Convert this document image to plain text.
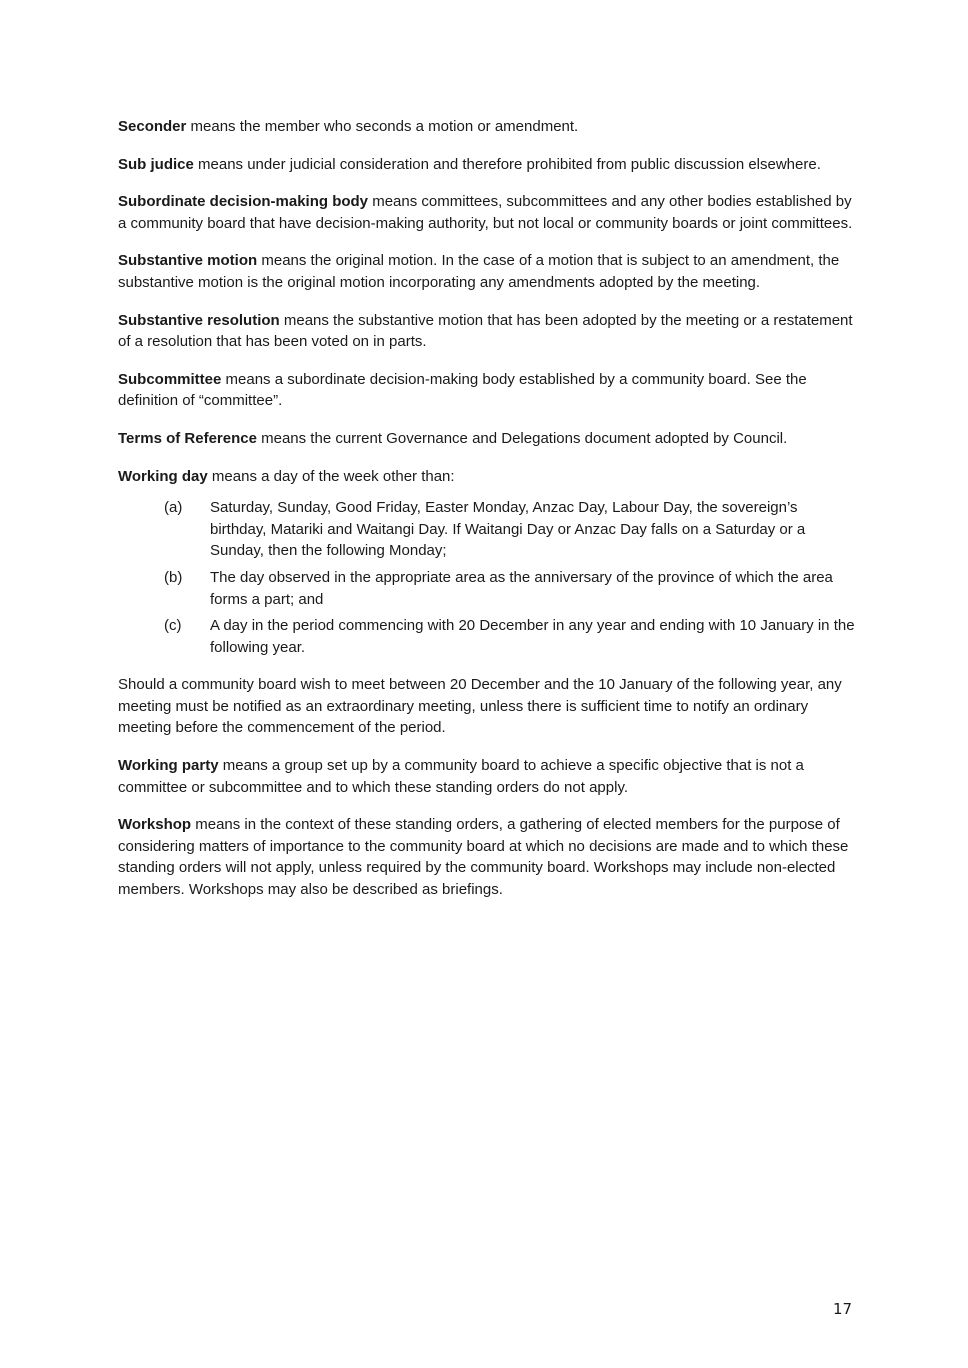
Seconder means the member who seconds a motion or amendment.

Sub judice means under judicial consideration and therefore prohibited from public discussion elsewhere.

Subordinate decision-making body means committees, subcommittees and any other bodies established by a community board that have decision-making authority, but not local or community boards or joint committees.

Substantive motion means the original motion. In the case of a motion that is subject to an amendment, the substantive motion is the original motion incorporating any amendments adopted by the meeting.

Substantive resolution means the substantive motion that has been adopted by the meeting or a restatement of a resolution that has been voted on in parts.

Subcommittee means a subordinate decision-making body established by a community board. See the definition of “committee”.

Terms of Reference means the current Governance and Delegations document adopted by Council.

Working day means a day of the week other than:

(a)	Saturday, Sunday, Good Friday, Easter Monday, Anzac Day, Labour Day, the sovereign’s birthday, Matariki and Waitangi Day. If Waitangi Day or Anzac Day falls on a Saturday or a Sunday, then the following Monday;
(b)	The day observed in the appropriate area as the anniversary of the province of which the area forms a part; and
(c)	A day in the period commencing with 20 December in any year and ending with 10 January in the following year.

Should a community board wish to meet between 20 December and the 10 January of the following year, any meeting must be notified as an extraordinary meeting, unless there is sufficient time to notify an ordinary meeting before the commencement of the period.

Working party means a group set up by a community board to achieve a specific objective that is not a committee or subcommittee and to which these standing orders do not apply.

Workshop means in the context of these standing orders, a gathering of elected members for the purpose of considering matters of importance to the community board at which no decisions are made and to which these standing orders will not apply, unless required by the community board. Workshops may include non-elected members. Workshops may also be described as briefings.

17
